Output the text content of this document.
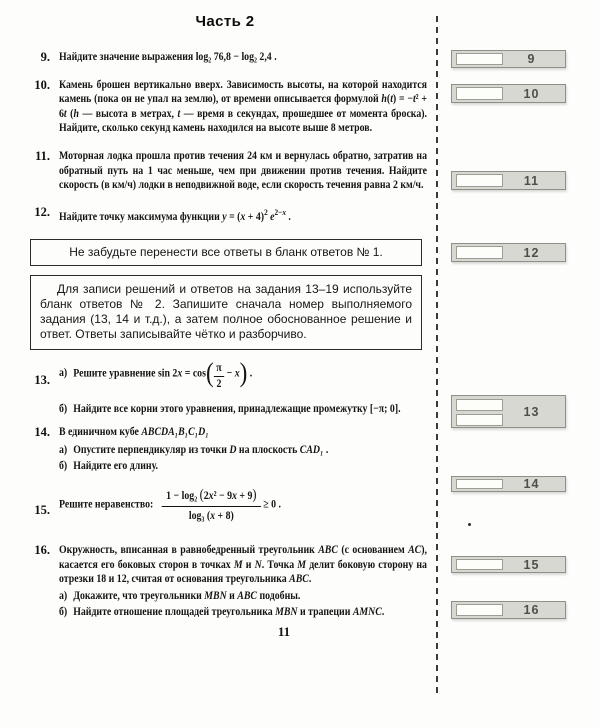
Часть 2
9. Найдите значение выражения log₂ 76,8 − log₂ 2,4 .

10. Камень брошен вертикально вверх. Зависимость высоты, на которой находится камень (пока он не упал на землю), от времени описывается формулой h(t) = −t² + 6t (h — высота в метрах, t — время в секундах, прошедшее от момента броска). Найдите, сколько секунд камень находился на высоте выше 8 метров.

11. Моторная лодка прошла против течения 24 км и вернулась обратно, затратив на обратный путь на 1 час меньше, чем при движении против течения. Найдите скорость (в км/ч) лодки в неподвижной воде, если скорость течения равна 2 км/ч.

12. Найдите точку максимума функции $y = (x + 4)^2$ $e^{2-x}$ .

Не забудьте перенести все ответы в бланк ответов № 1.
Для записи решений и ответов на задания 13–19 используйте бланк ответов № 2. Запишите сначала номер выполняемого задания (13, 14 и т.д.), а затем полное обоснованное решение и ответ. Ответы записывайте чётко и разборчиво.
13. а) Решите уравнение $\sin 2x = \cos( \frac{\pi}{2} - x)$ .

б) Найдите все корни этого уравнения, принадлежащие промежутку [−π; 0].

14. В единичном кубе ABCDA₁B₁C₁D₁

а) Опустите перпендикуляр из точки D на плоскость CAD₁ .

б) Найдите его длину.

15. Решите неравенство: $\frac{\text{1 − log₂ (2x² − 9x + 9)}}{\text{log₃ (x + 8)}} \ge 0$ .
16. Окружность, вписанная в равнобедренный треугольник ABC (с основанием AC), касается его боковых сторон в точках M и N. Точка M делит боковую сторону на отрезки 18 и 12, считая от основания треугольника ABC.

а) Докажите, что треугольники MBN и ABC подобны.

б) Найдите отношение площадей треугольника MBN и трапеции AMNC.

11
9
10
11
12
13
14
15
16
